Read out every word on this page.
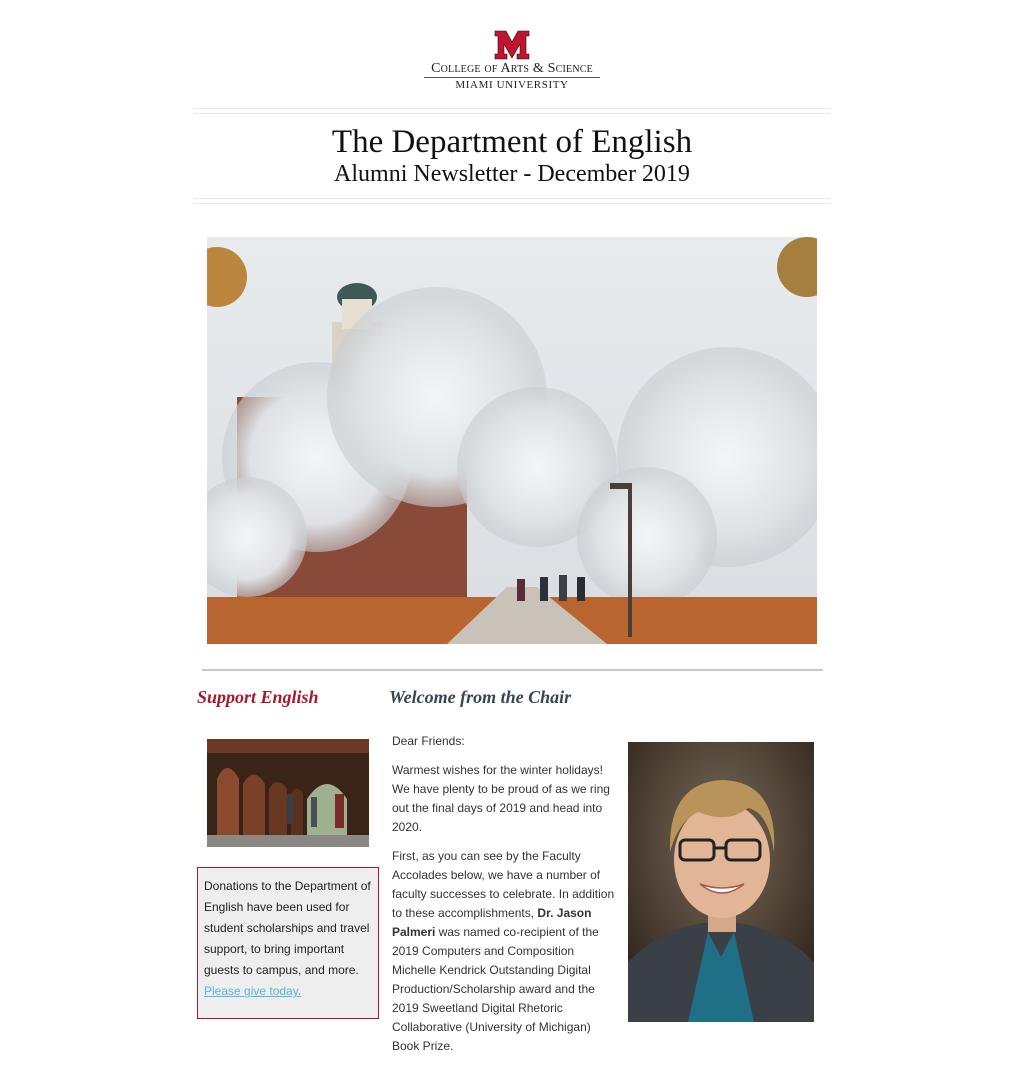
College of Arts & Science
MIAMI UNIVERSITY
The Department of English
Alumni Newsletter - December 2019
Support English	Welcome from the Chair
Donations to the Department of English have been used for student scholarships and travel support, to bring important guests to campus, and more. Please give today.

Dear Friends:

Warmest wishes for the winter holidays! We have plenty to be proud of as we ring out the final days of 2019 and head into 2020.

First, as you can see by the Faculty Accolades below, we have a number of faculty successes to celebrate. In addition to these accomplishments, Dr. Jason Palmeri was named co-recipient of the 2019 Computers and Composition Michelle Kendrick Outstanding Digital Production/Scholarship award and the 2019 Sweetland Digital Rhetoric Collaborative (University of Michigan) Book Prize.
